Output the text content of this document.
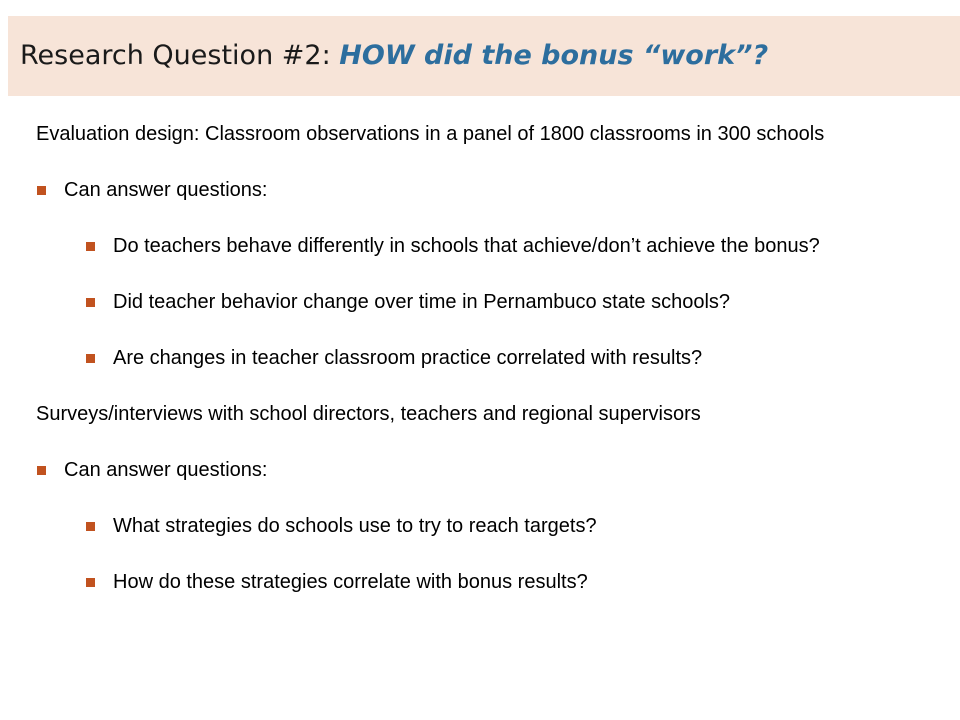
Research Question #2: HOW did the bonus “work”?

Evaluation design: Classroom observations in a panel of 1800 classrooms in 300 schools

Can answer questions:
Do teachers behave differently in schools that achieve/don’t achieve the bonus?
Did teacher behavior change over time in Pernambuco state schools?
Are changes in teacher classroom practice correlated with results?

Surveys/interviews with school directors, teachers and regional supervisors

Can answer questions:
What strategies do schools use to try to reach targets?
How do these strategies correlate with bonus results?
